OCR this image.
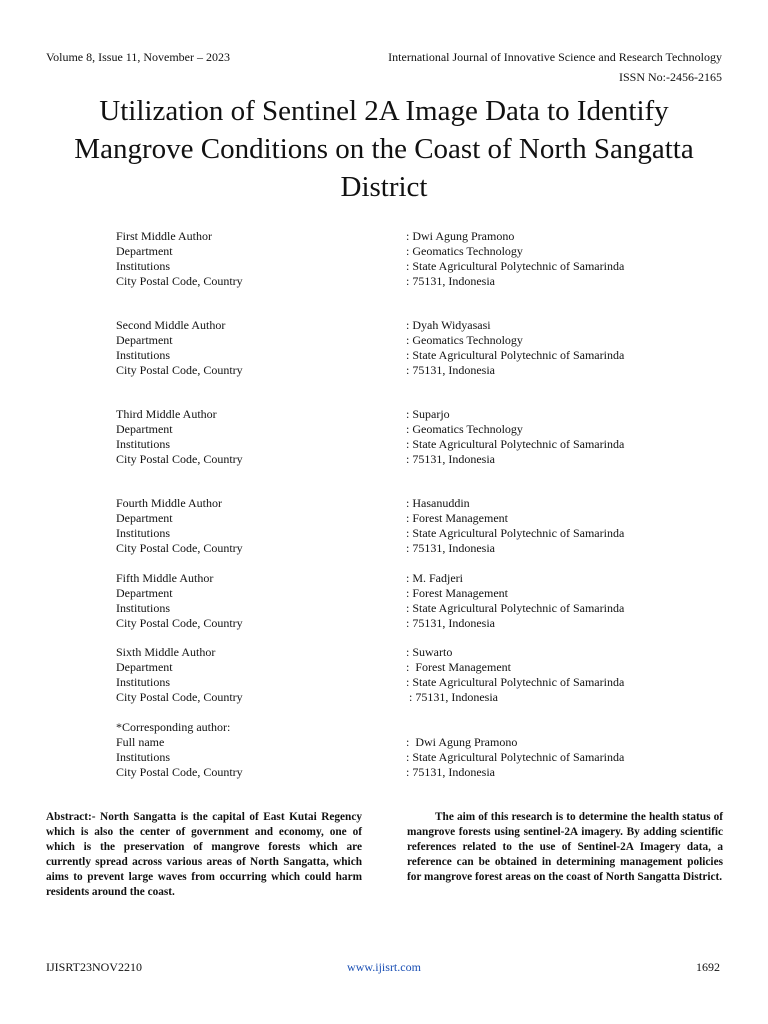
Volume 8, Issue 11, November – 2023	International Journal of Innovative Science and Research Technology
ISSN No:-2456-2165
Utilization of Sentinel 2A Image Data to Identify Mangrove Conditions on the Coast of North Sangatta District
First Middle Author	: Dwi Agung Pramono
Department	: Geomatics Technology
Institutions	: State Agricultural Polytechnic of Samarinda
City Postal Code, Country	: 75131, Indonesia
Second Middle Author	: Dyah Widyasasi
Department	: Geomatics Technology
Institutions	: State Agricultural Polytechnic of Samarinda
City Postal Code, Country	: 75131, Indonesia
Third Middle Author	: Suparjo
Department	: Geomatics Technology
Institutions	: State Agricultural Polytechnic of Samarinda
City Postal Code, Country	: 75131, Indonesia
Fourth Middle Author	: Hasanuddin
Department	: Forest Management
Institutions	: State Agricultural Polytechnic of Samarinda
City Postal Code, Country	: 75131, Indonesia
Fifth Middle Author	: M. Fadjeri
Department	: Forest Management
Institutions	: State Agricultural Polytechnic of Samarinda
City Postal Code, Country	: 75131, Indonesia
Sixth Middle Author	: Suwarto
Department	:  Forest Management
Institutions	: State Agricultural Polytechnic of Samarinda
City Postal Code, Country	: 75131, Indonesia
*Corresponding author:
Full name	:  Dwi Agung Pramono
Institutions	: State Agricultural Polytechnic of Samarinda
City Postal Code, Country	: 75131, Indonesia
Abstract:- North Sangatta is the capital of East Kutai Regency which is also the center of government and economy, one of which is the preservation of mangrove forests which are currently spread across various areas of North Sangatta, which aims to prevent large waves from occurring which could harm residents around the coast.
The aim of this research is to determine the health status of mangrove forests using sentinel-2A imagery. By adding scientific references related to the use of Sentinel-2A Imagery data, a reference can be obtained in determining management policies for mangrove forest areas on the coast of North Sangatta District.
IJISRT23NOV2210	www.ijisrt.com	1692
